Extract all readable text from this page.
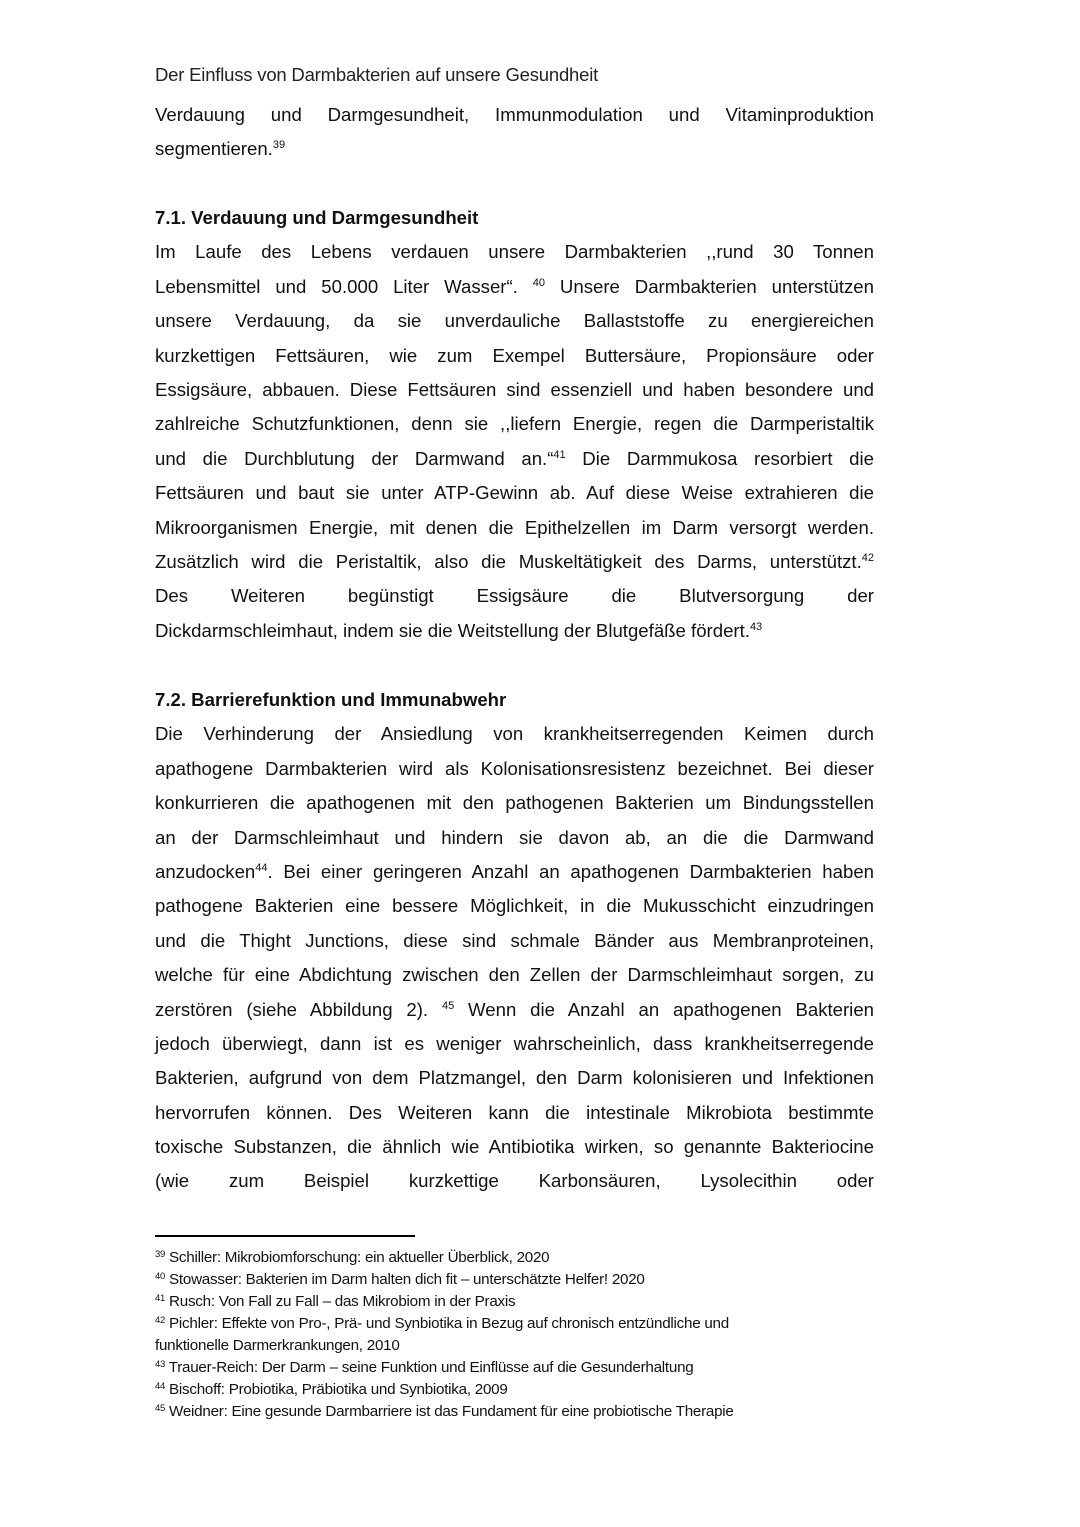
Der Einfluss von Darmbakterien auf unsere Gesundheit
Verdauung und Darmgesundheit, Immunmodulation und Vitaminproduktion
segmentieren.$^{39}$
7.1. Verdauung und Darmgesundheit
Im Laufe des Lebens verdauen unsere Darmbakterien ,,rund 30 Tonnen
Lebensmittel und 50.000 Liter Wasser“. $^{40}$ Unsere Darmbakterien unterstützen
unsere Verdauung, da sie unverdauliche Ballaststoffe zu energiereichen
kurzkettigen Fettsäuren, wie zum Exempel Buttersäure, Propionsäure oder
Essigsäure, abbauen. Diese Fettsäuren sind essenziell und haben besondere und
zahlreiche Schutzfunktionen, denn sie ,,liefern Energie, regen die Darmperistaltik
und die Durchblutung der Darmwand an.“$^{41}$ Die Darmmukosa resorbiert die
Fettsäuren und baut sie unter ATP-Gewinn ab. Auf diese Weise extrahieren die
Mikroorganismen Energie, mit denen die Epithelzellen im Darm versorgt werden.
Zusätzlich wird die Peristaltik, also die Muskeltätigkeit des Darms, unterstützt.$^{42}$
Des Weiteren begünstigt Essigsäure die Blutversorgung der
Dickdarmschleimhaut, indem sie die Weitstellung der Blutgefäße fördert.$^{43}$
7.2. Barrierefunktion und Immunabwehr
Die Verhinderung der Ansiedlung von krankheitserregenden Keimen durch
apathogene Darmbakterien wird als Kolonisationsresistenz bezeichnet. Bei dieser
konkurrieren die apathogenen mit den pathogenen Bakterien um Bindungsstellen
an der Darmschleimhaut und hindern sie davon ab, an die die Darmwand
anzudocken$^{44}$. Bei einer geringeren Anzahl an apathogenen Darmbakterien haben
pathogene Bakterien eine bessere Möglichkeit, in die Mukusschicht einzudringen
und die Thight Junctions, diese sind schmale Bänder aus Membranproteinen,
welche für eine Abdichtung zwischen den Zellen der Darmschleimhaut sorgen, zu
zerstören (siehe Abbildung 2). $^{45}$ Wenn die Anzahl an apathogenen Bakterien
jedoch überwiegt, dann ist es weniger wahrscheinlich, dass krankheitserregende
Bakterien, aufgrund von dem Platzmangel, den Darm kolonisieren und Infektionen
hervorrufen können. Des Weiteren kann die intestinale Mikrobiota bestimmte
toxische Substanzen, die ähnlich wie Antibiotika wirken, so genannte Bakteriocine
(wie zum Beispiel kurzkettige Karbonsäuren, Lysolecithin oder
$^{39}$ Schiller: Mikrobiomforschung: ein aktueller Überblick, 2020
$^{40}$ Stowasser: Bakterien im Darm halten dich fit – unterschätzte Helfer! 2020
$^{41}$ Rusch: Von Fall zu Fall – das Mikrobiom in der Praxis
$^{42}$ Pichler: Effekte von Pro-, Prä- und Synbiotika in Bezug auf chronisch entzündliche und
funktionelle Darmerkrankungen, 2010
$^{43}$ Trauer-Reich: Der Darm – seine Funktion und Einflüsse auf die Gesunderhaltung
$^{44}$ Bischoff: Probiotika, Präbiotika und Synbiotika, 2009
$^{45}$ Weidner: Eine gesunde Darmbarriere ist das Fundament für eine probiotische Therapie
